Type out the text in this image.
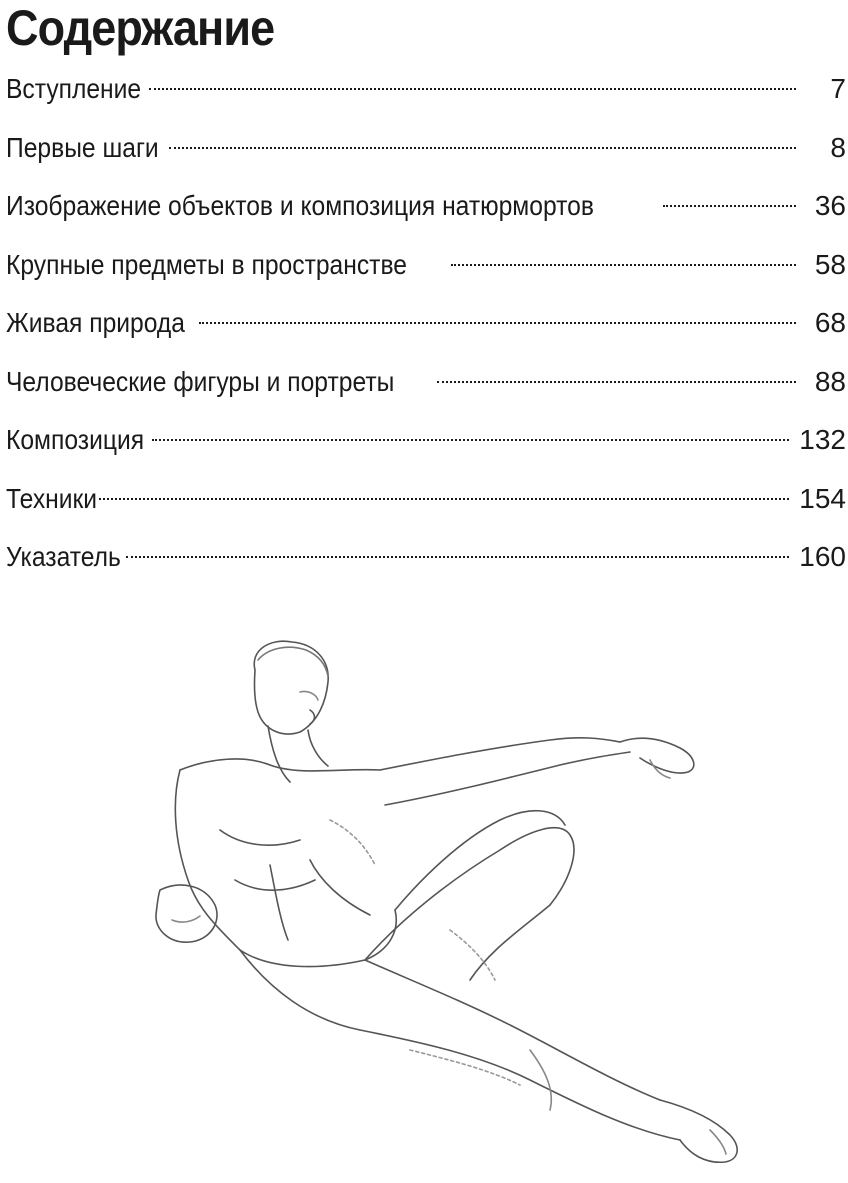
Содержание
Вступление	7
Первые шаги	8
Изображение объектов и композиция натюрмортов	36
Крупные предметы в пространстве	58
Живая природа	68
Человеческие фигуры и портреты	88
Композиция	132
Техники	154
Указатель	160
